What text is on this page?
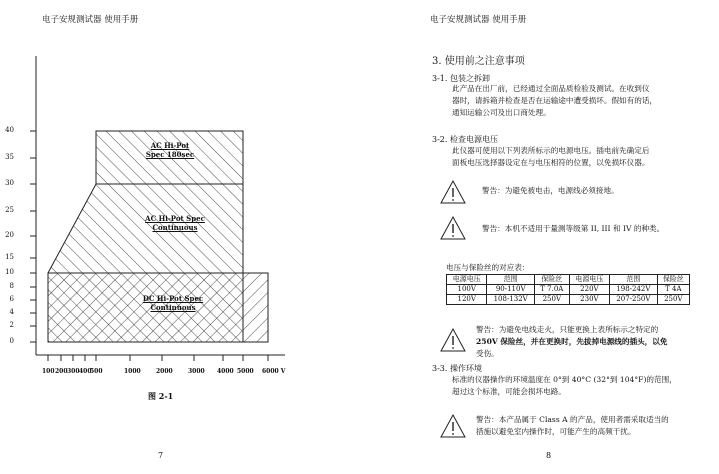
电子安规测试器 使用手册
0
2
4
6
8
10
15
20
25
30
35
40
100 200 300 400
500	1000	2000	3000 4000 5000 6000 V
AC Hi-Pot
Spec 180sec
AC Hi-Pot Spec
Continuous
DC Hi-Pot Spec
Continuous
图 2-1
7
电子安规测试器 使用手册
3. 使用前之注意事项
3-1. 包装之拆卸
此产品在出厂前，已经通过全面品质检验及测试。在收到仪
器时，请拆箱并检查是否在运输途中遭受损坏。假如有的话，
通知运输公司及出口商处理。
3-2. 检查电源电压
此仪器可使用以下列表所标示的电源电压。插电前先确定后
面板电压选择器设定在与电压相符的位置，以免损坏仪器。
警告：为避免被电击，电源线必须接地。
警告：本机不适用于量测等级第 II, III 和 IV 的种类。
电压与保险丝的对应表：
电源电压	范围	保险丝	电源电压	范围	保险丝
100V	90-110V	T 7.0A	220V	198-242V	T 4A
120V	108-132V	250V	230V	207-250V	250V
警告：为避免电线走火，只能更换上表所标示之特定的
250V 保险丝，并在更换时，先拔掉电源线的插头，以免
受伤。
3-3. 操作环境
标准的仪器操作的环境温度在 0°到 40°C (32°到 104°F)的范围，
超过这个标准，可能会损坏电路。
警告：本产品属于 Class A 的产品，使用者需采取适当的
措施以避免室内操作时，可能产生的高频干扰。
8
